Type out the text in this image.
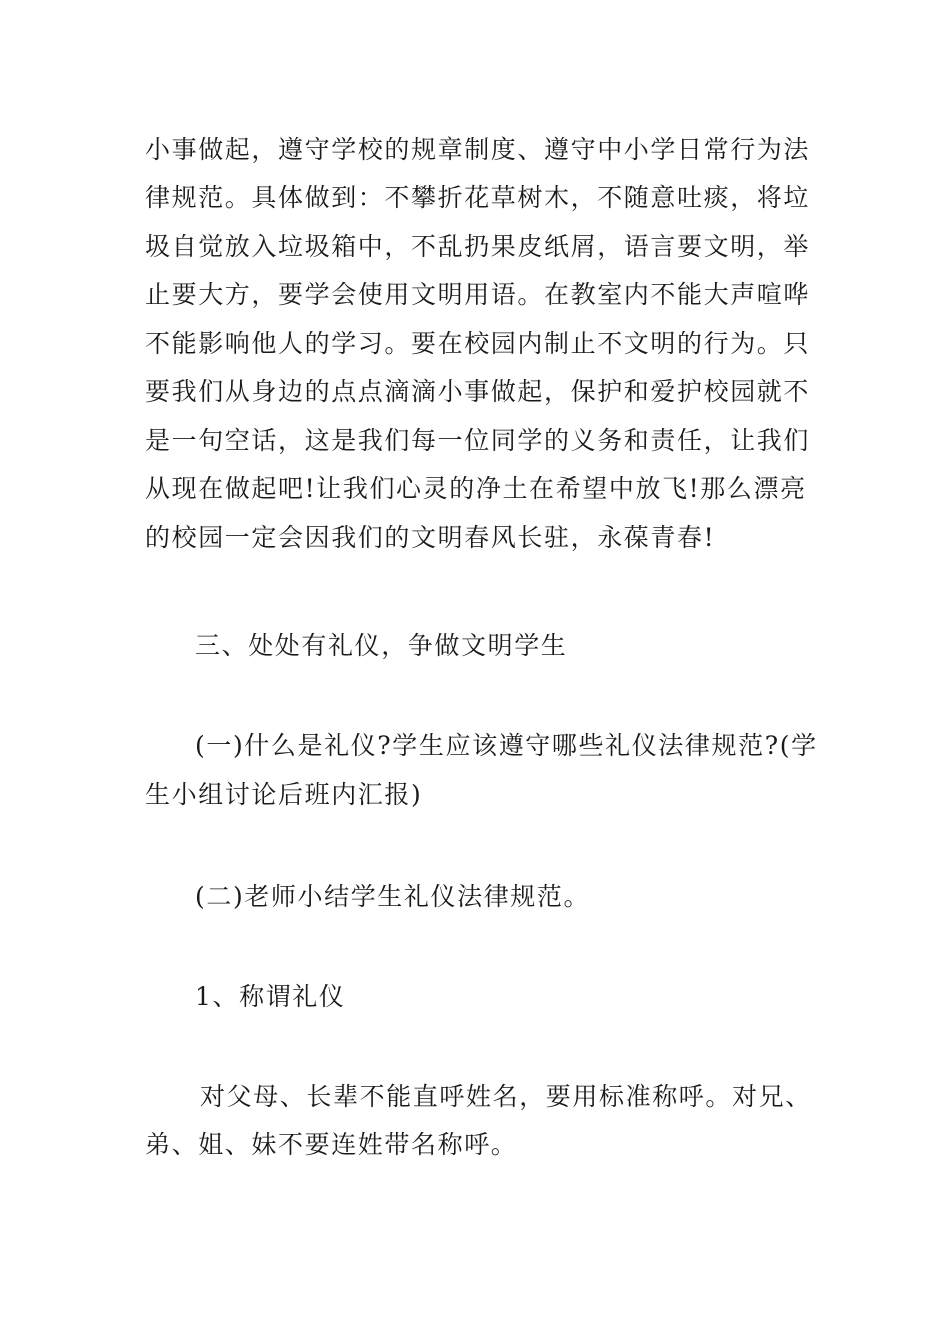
小事做起，遵守学校的规章制度、遵守中小学日常行为法

律规范。具体做到：不攀折花草树木，不随意吐痰，将垃

圾自觉放入垃圾箱中，不乱扔果皮纸屑，语言要文明，举

止要大方，要学会使用文明用语。在教室内不能大声喧哗

不能影响他人的学习。要在校园内制止不文明的行为。只

要我们从身边的点点滴滴小事做起，保护和爱护校园就不

是一句空话，这是我们每一位同学的义务和责任，让我们

从现在做起吧!让我们心灵的净土在希望中放飞!那么漂亮

的校园一定会因我们的文明春风长驻，永葆青春!

三、处处有礼仪，争做文明学生

(一)什么是礼仪?学生应该遵守哪些礼仪法律规范?(学

生小组讨论后班内汇报)

(二)老师小结学生礼仪法律规范。

1、称谓礼仪

对父母、长辈不能直呼姓名，要用标准称呼。对兄、

弟、姐、妹不要连姓带名称呼。
